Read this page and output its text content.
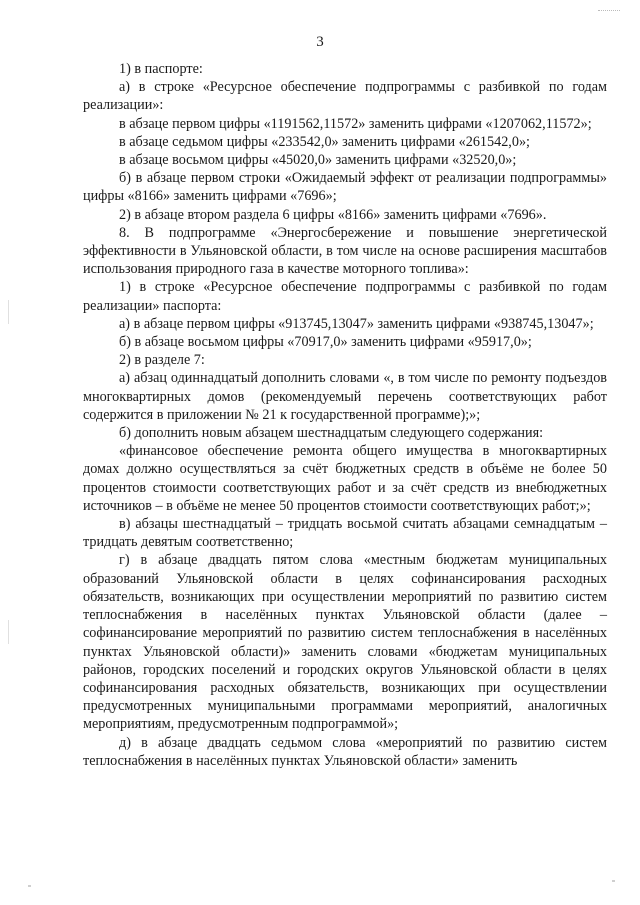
3

1) в паспорте:

а) в строке «Ресурсное обеспечение подпрограммы с разбивкой по годам реализации»:

в абзаце первом цифры «1191562,11572» заменить цифрами «1207062,11572»;

в абзаце седьмом цифры «233542,0» заменить цифрами «261542,0»;

в абзаце восьмом цифры «45020,0» заменить цифрами «32520,0»;

б) в абзаце первом строки «Ожидаемый эффект от реализации подпрограммы» цифры «8166» заменить цифрами «7696»;

2) в абзаце втором раздела 6 цифры «8166» заменить цифрами «7696».

8. В подпрограмме «Энергосбережение и повышение энергетической эффективности в Ульяновской области, в том числе на основе расширения масштабов использования природного газа в качестве моторного топлива»:

1) в строке «Ресурсное обеспечение подпрограммы с разбивкой по годам реализации» паспорта:

а) в абзаце первом цифры «913745,13047» заменить цифрами «938745,13047»;

б) в абзаце восьмом цифры «70917,0» заменить цифрами «95917,0»;

2) в разделе 7:

а) абзац одиннадцатый дополнить словами «, в том числе по ремонту подъездов многоквартирных домов (рекомендуемый перечень соответствующих работ содержится в приложении № 21 к государственной программе);»;

б) дополнить новым абзацем шестнадцатым следующего содержания:

«финансовое обеспечение ремонта общего имущества в многоквартирных домах должно осуществляться за счёт бюджетных средств в объёме не более 50 процентов стоимости соответствующих работ и за счёт средств из внебюджетных источников – в объёме не менее 50 процентов стоимости соответствующих работ;»;

в) абзацы шестнадцатый – тридцать восьмой считать абзацами семнадцатым – тридцать девятым соответственно;

г) в абзаце двадцать пятом слова «местным бюджетам муниципальных образований Ульяновской области в целях софинансирования расходных обязательств, возникающих при осуществлении мероприятий по развитию систем теплоснабжения в населённых пунктах Ульяновской области (далее – софинансирование мероприятий по развитию систем теплоснабжения в населённых пунктах Ульяновской области)» заменить словами «бюджетам муниципальных районов, городских поселений и городских округов Ульяновской области в целях софинансирования расходных обязательств, возникающих при осуществлении предусмотренных муниципальными программами мероприятий, аналогичных мероприятиям, предусмотренным подпрограммой»;

д) в абзаце двадцать седьмом слова «мероприятий по развитию систем теплоснабжения в населённых пунктах Ульяновской области» заменить
